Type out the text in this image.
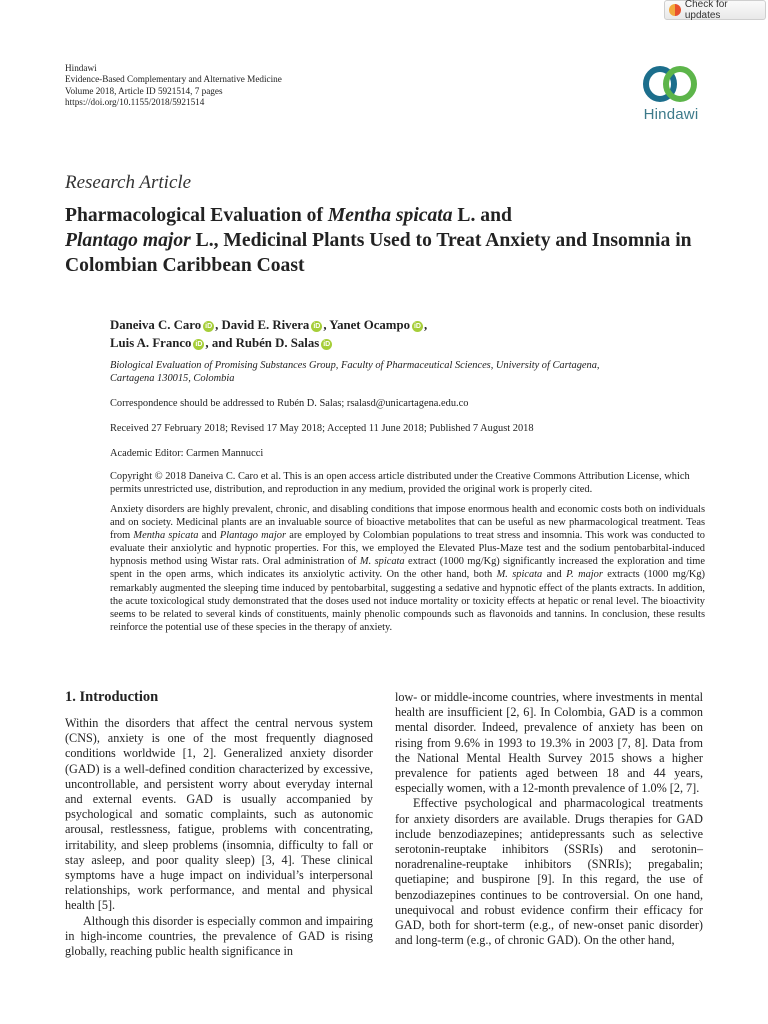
Check for updates
Hindawi
Evidence-Based Complementary and Alternative Medicine
Volume 2018, Article ID 5921514, 7 pages
https://doi.org/10.1155/2018/5921514
Hindawi
Research Article
Pharmacological Evaluation of Mentha spicata L. and
Plantago major L., Medicinal Plants Used to Treat Anxiety and Insomnia in Colombian Caribbean Coast
Daneiva C. Caro iD , David E. Rivera iD , Yanet Ocampo iD ,
Luis A. Franco iD , and Rubén D. Salas iD
Biological Evaluation of Promising Substances Group, Faculty of Pharmaceutical Sciences, University of Cartagena, Cartagena 130015, Colombia
Correspondence should be addressed to Rubén D. Salas; rsalasd@unicartagena.edu.co
Received 27 February 2018; Revised 17 May 2018; Accepted 11 June 2018; Published 7 August 2018
Academic Editor: Carmen Mannucci
Copyright © 2018 Daneiva C. Caro et al. This is an open access article distributed under the Creative Commons Attribution License, which permits unrestricted use, distribution, and reproduction in any medium, provided the original work is properly cited.
Anxiety disorders are highly prevalent, chronic, and disabling conditions that impose enormous health and economic costs both on individuals and on society. Medicinal plants are an invaluable source of bioactive metabolites that can be useful as new pharmacological treatment. Teas from Mentha spicata and Plantago major are employed by Colombian populations to treat stress and insomnia. This work was conducted to evaluate their anxiolytic and hypnotic properties. For this, we employed the Elevated Plus-Maze test and the sodium pentobarbital-induced hypnosis method using Wistar rats. Oral administration of M. spicata extract (1000 mg/Kg) significantly increased the exploration and time spent in the open arms, which indicates its anxiolytic activity. On the other hand, both M. spicata and P. major extracts (1000 mg/Kg) remarkably augmented the sleeping time induced by pentobarbital, suggesting a sedative and hypnotic effect of the plants extracts. In addition, the acute toxicological study demonstrated that the doses used not induce mortality or toxicity effects at hepatic or renal level. The bioactivity seems to be related to several kinds of constituents, mainly phenolic compounds such as flavonoids and tannins. In conclusion, these results reinforce the potential use of these species in the therapy of anxiety.
1. Introduction

Within the disorders that affect the central nervous system (CNS), anxiety is one of the most frequently diagnosed conditions worldwide [1, 2]. Generalized anxiety disorder (GAD) is a well-defined condition characterized by excessive, uncontrollable, and persistent worry about everyday internal and external events. GAD is usually accompanied by psychological and somatic complaints, such as autonomic arousal, restlessness, fatigue, problems with concentrating, irritability, and sleep problems (insomnia, difficulty to fall or stay asleep, and poor quality sleep) [3, 4]. These clinical symptoms have a huge impact on individual’s interpersonal relationships, work performance, and mental and physical health [5].

Although this disorder is especially common and impairing in high-income countries, the prevalence of GAD is rising globally, reaching public health significance in

low- or middle-income countries, where investments in mental health are insufficient [2, 6]. In Colombia, GAD is a common mental disorder. Indeed, prevalence of anxiety has been on rising from 9.6% in 1993 to 19.3% in 2003 [7, 8]. Data from the National Mental Health Survey 2015 shows a higher prevalence for patients aged between 18 and 44 years, especially women, with a 12-month prevalence of 1.0% [2, 7].

Effective psychological and pharmacological treatments for anxiety disorders are available. Drugs therapies for GAD include benzodiazepines; antidepressants such as selective serotonin-reuptake inhibitors (SSRIs) and serotonin–noradrenaline-reuptake inhibitors (SNRIs); pregabalin; quetiapine; and buspirone [9]. In this regard, the use of benzodiazepines continues to be controversial. On one hand, unequivocal and robust evidence confirm their efficacy for GAD, both for short-term (e.g., of new-onset panic disorder) and long-term (e.g., of chronic GAD). On the other hand,
